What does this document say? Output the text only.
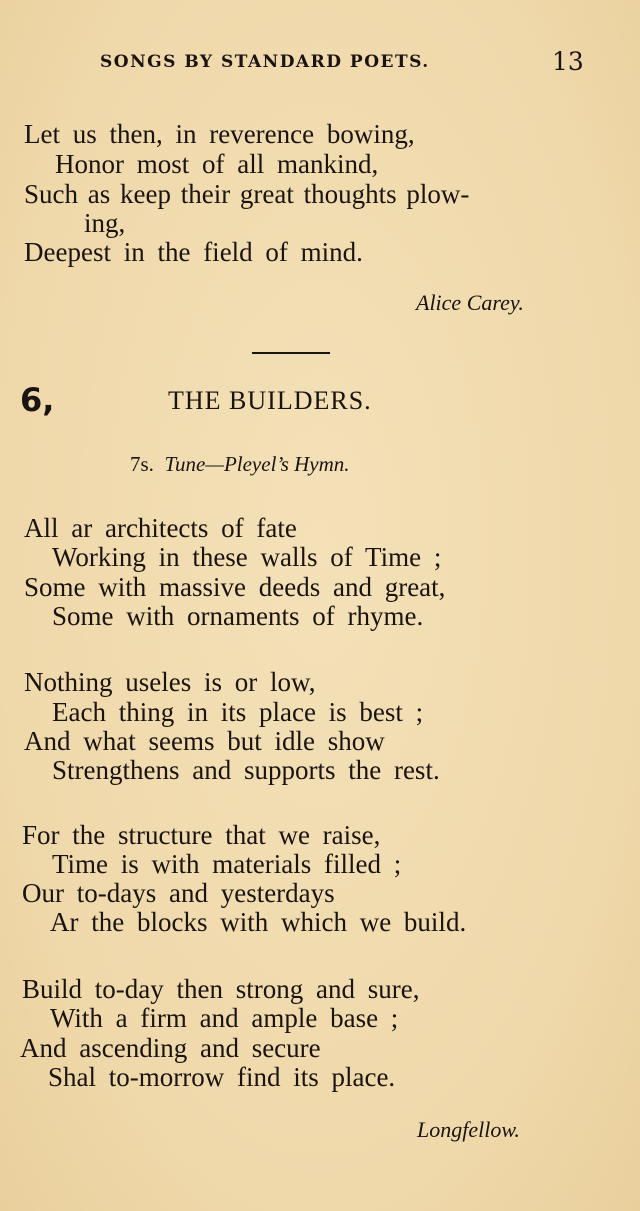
SONGS BY STANDARD POETS.	13
Let us then, in reverence bowing,
Honor most of all mankind,
Such as keep their great thoughts plow-
ing,
Deepest in the field of mind.
Alice Carey.
6,	THE BUILDERS.
7s. Tune—Pleyel’s Hymn.
All ar architects of fate
Working in these walls of Time ;
Some with massive deeds and great,
Some with ornaments of rhyme.
Nothing useles is or low,
Each thing in its place is best ;
And what seems but idle show
Strengthens and supports the rest.
For the structure that we raise,
Time is with materials filled ;
Our to-days and yesterdays
Ar the blocks with which we build.
Build to-day then strong and sure,
With a firm and ample base ;
And ascending and secure
Shal to-morrow find its place.
Longfellow.
